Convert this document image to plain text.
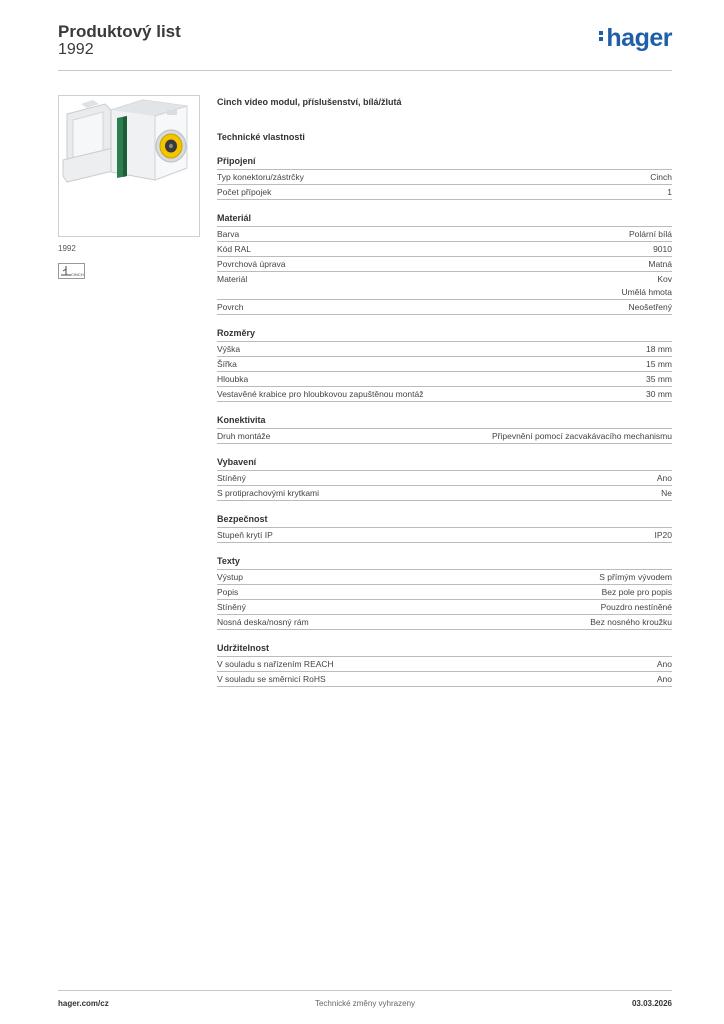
Produktový list
1992	hager
1992
CINCH
Cinch video modul, příslušenství, bílá/žlutá
Technické vlastnosti
Připojení
Typ konektoru/zástrčky	Cinch
Počet přípojek	1
Materiál
Barva	Polární bílá
Kód RAL	9010
Povrchová úprava	Matná
Materiál	Kov
Umělá hmota
Povrch	Neošetřený
Rozměry
Výška	18 mm
Šířka	15 mm
Hloubka	35 mm
Vestavěné krabice pro hloubkovou zapuštěnou montáž	30 mm
Konektivita
Druh montáže	Připevnění pomocí zacvakávacího mechanismu
Vybavení
Stíněný	Ano
S protiprachovými krytkami	Ne
Bezpečnost
Stupeň krytí IP	IP20
Texty
Výstup	S přímým vývodem
Popis	Bez pole pro popis
Stíněný	Pouzdro nestíněné
Nosná deska/nosný rám	Bez nosného kroužku
Udržitelnost
V souladu s nařízením REACH	Ano
V souladu se směrnicí RoHS	Ano
hager.com/cz	Technické změny vyhrazeny	03.03.2026
